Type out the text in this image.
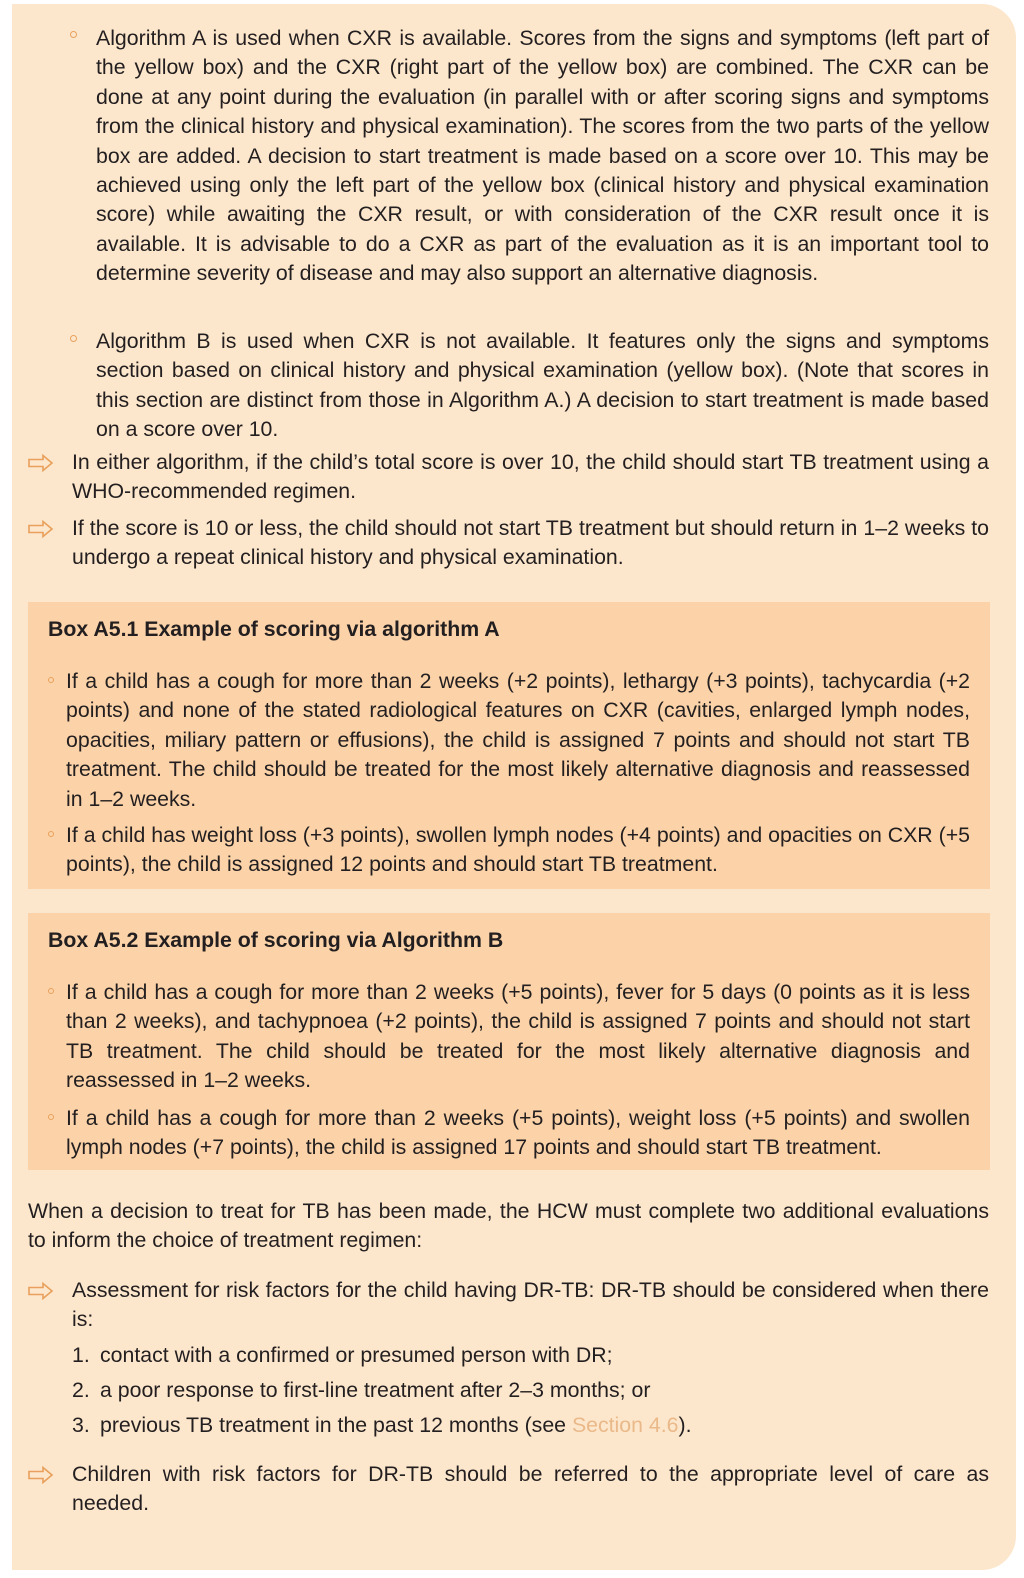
Algorithm A is used when CXR is available. Scores from the signs and symptoms (left part of the yellow box) and the CXR (right part of the yellow box) are combined. The CXR can be done at any point during the evaluation (in parallel with or after scoring signs and symptoms from the clinical history and physical examination). The scores from the two parts of the yellow box are added. A decision to start treatment is made based on a score over 10. This may be achieved using only the left part of the yellow box (clinical history and physical examination score) while awaiting the CXR result, or with consideration of the CXR result once it is available. It is advisable to do a CXR as part of the evaluation as it is an important tool to determine severity of disease and may also support an alternative diagnosis.

Algorithm B is used when CXR is not available. It features only the signs and symptoms section based on clinical history and physical examination (yellow box). (Note that scores in this section are distinct from those in Algorithm A.) A decision to start treatment is made based on a score over 10.

In either algorithm, if the child’s total score is over 10, the child should start TB treatment using a WHO-recommended regimen.

If the score is 10 or less, the child should not start TB treatment but should return in 1–2 weeks to undergo a repeat clinical history and physical examination.

Box A5.1 Example of scoring via algorithm A

If a child has a cough for more than 2 weeks (+2 points), lethargy (+3 points), tachycardia (+2 points) and none of the stated radiological features on CXR (cavities, enlarged lymph nodes, opacities, miliary pattern or effusions), the child is assigned 7 points and should not start TB treatment. The child should be treated for the most likely alternative diagnosis and reassessed in 1–2 weeks.

If a child has weight loss (+3 points), swollen lymph nodes (+4 points) and opacities on CXR (+5 points), the child is assigned 12 points and should start TB treatment.

Box A5.2 Example of scoring via Algorithm B

If a child has a cough for more than 2 weeks (+5 points), fever for 5 days (0 points as it is less than 2 weeks), and tachypnoea (+2 points), the child is assigned 7 points and should not start TB treatment. The child should be treated for the most likely alternative diagnosis and reassessed in 1–2 weeks.

If a child has a cough for more than 2 weeks (+5 points), weight loss (+5 points) and swollen lymph nodes (+7 points), the child is assigned 17 points and should start TB treatment.

When a decision to treat for TB has been made, the HCW must complete two additional evaluations to inform the choice of treatment regimen:

Assessment for risk factors for the child having DR-TB: DR-TB should be considered when there is:

1. contact with a confirmed or presumed person with DR;

2. a poor response to first-line treatment after 2–3 months; or

3. previous TB treatment in the past 12 months (see Section 4.6).

Children with risk factors for DR-TB should be referred to the appropriate level of care as needed.
